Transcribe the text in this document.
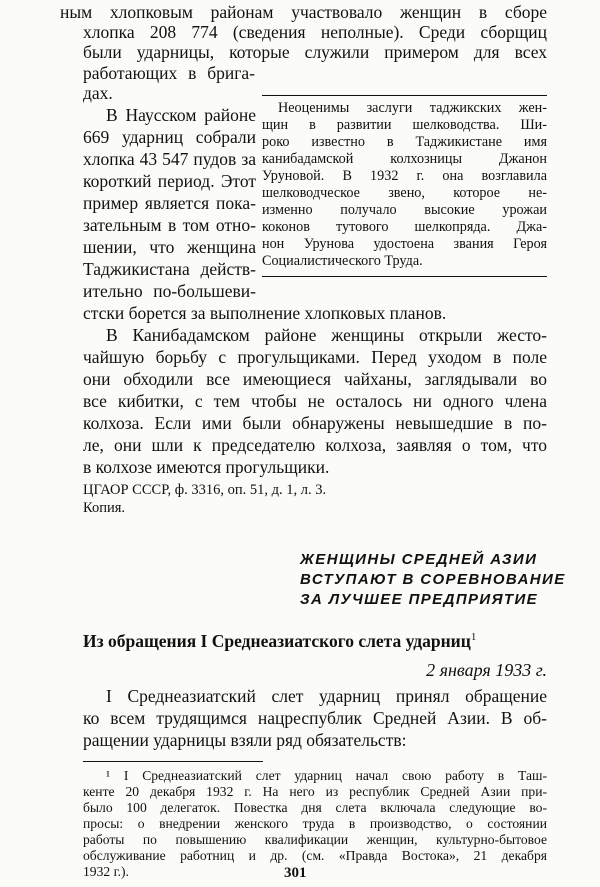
ным хлопковым районам участвовало женщин в сборе
хлопка 208 774 (сведения неполные). Среди сборщиц
были ударницы, которые служили примером для всех
работающих в брига-
дах.
В Наусском районе
669 ударниц собрали
хлопка 43 547 пудов за
короткий период. Этот
пример является пока-
зательным в том отно-
шении, что женщина
Таджикистана действ-
ительно по-большеви-
стски борется за выполнение хлопковых планов.
Неоценимы заслуги таджикских жен-
щин в развитии шелководства. Ши-
роко известно в Таджикистане имя
канибадамской колхозницы Джанон
Уруновой. В 1932 г. она возглавила
шелководческое звено, которое не-
изменно получало высокие урожаи
коконов тутового шелкопряда. Джа-
нон Урунова удостоена звания Героя
Социалистического Труда.
В Канибадамском районе женщины открыли жесто-
чайшую борьбу с прогульщиками. Перед уходом в поле
они обходили все имеющиеся чайханы, заглядывали во
все кибитки, с тем чтобы не осталось ни одного члена
колхоза. Если ими были обнаружены невышедшие в по-
ле, они шли к председателю колхоза, заявляя о том, что
в колхозе имеются прогульщики.
ЦГАОР СССР, ф. 3316, оп. 51, д. 1, л. 3.
Копия.
ЖЕНЩИНЫ СРЕДНЕЙ АЗИИ
ВСТУПАЮТ В СОРЕВНОВАНИЕ
ЗА ЛУЧШЕЕ ПРЕДПРИЯТИЕ
Из обращения I Среднеазиатского слета ударниц$^1$
2 января 1933 г.
I Среднеазиатский слет ударниц принял обращение
ко всем трудящимся нацреспублик Средней Азии. В об-
ращении ударницы взяли ряд обязательств:
¹ I Среднеазиатский слет ударниц начал свою работу в Таш-
кенте 20 декабря 1932 г. На него из республик Средней Азии при-
было 100 делегаток. Повестка дня слета включала следующие во-
просы: о внедрении женского труда в производство, о состоянии
работы по повышению квалификации женщин, культурно-бытовое
обслуживание работниц и др. (см. «Правда Востока», 21 декабря
1932 г.).	301
